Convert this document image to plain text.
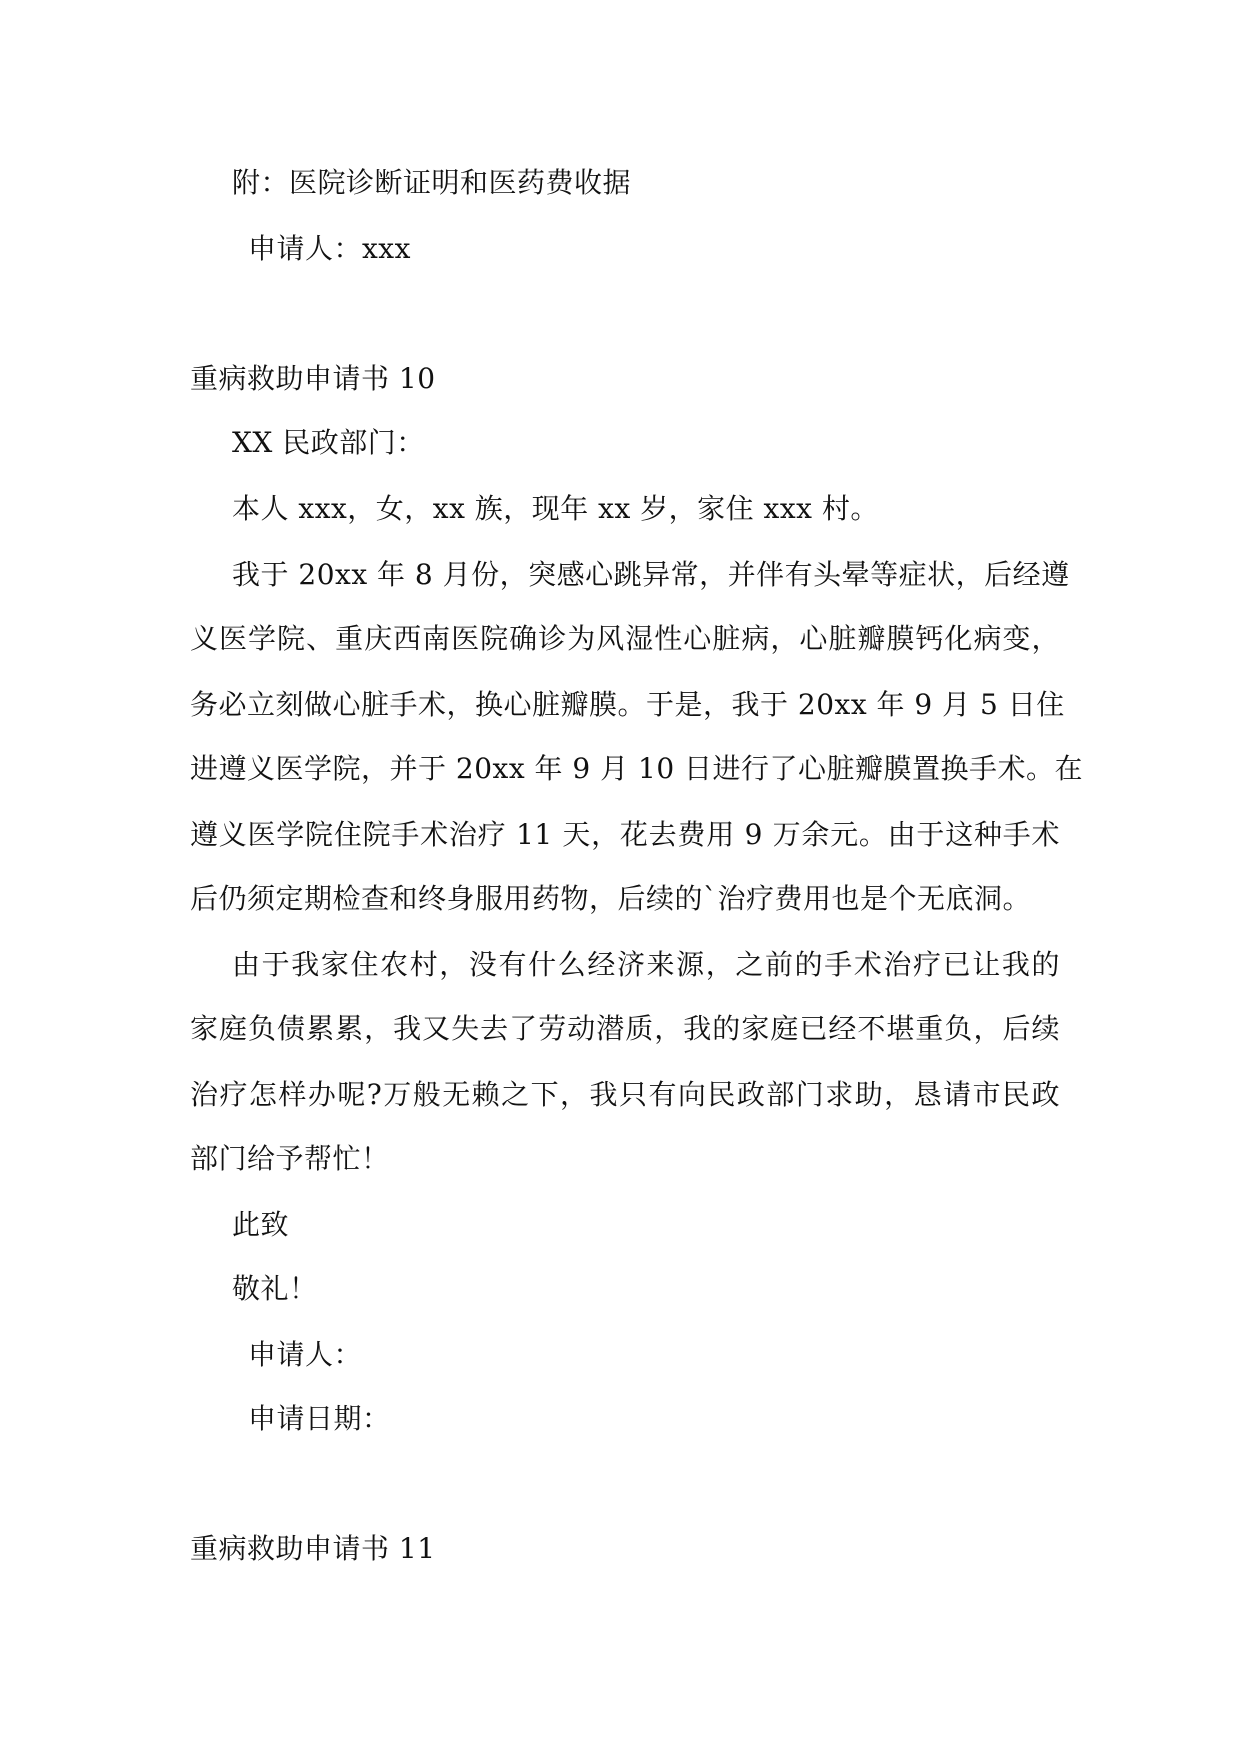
附：医院诊断证明和医药费收据
申请人：xxx
重病救助申请书 10
XX 民政部门：
本人 xxx，女，xx 族，现年 xx 岁，家住 xxx 村。
我于 20xx 年 8 月份，突感心跳异常，并伴有头晕等症状，后经遵
义医学院、重庆西南医院确诊为风湿性心脏病，心脏瓣膜钙化病变，
务必立刻做心脏手术，换心脏瓣膜。于是，我于 20xx 年 9 月 5 日住
进遵义医学院，并于 20xx 年 9 月 10 日进行了心脏瓣膜置换手术。在
遵义医学院住院手术治疗 11 天，花去费用 9 万余元。由于这种手术
后仍须定期检查和终身服用药物，后续的`治疗费用也是个无底洞。
由于我家住农村，没有什么经济来源，之前的手术治疗已让我的
家庭负债累累，我又失去了劳动潜质，我的家庭已经不堪重负，后续
治疗怎样办呢?万般无赖之下，我只有向民政部门求助，恳请市民政
部门给予帮忙！
此致
敬礼！
申请人：
申请日期：
重病救助申请书 11
